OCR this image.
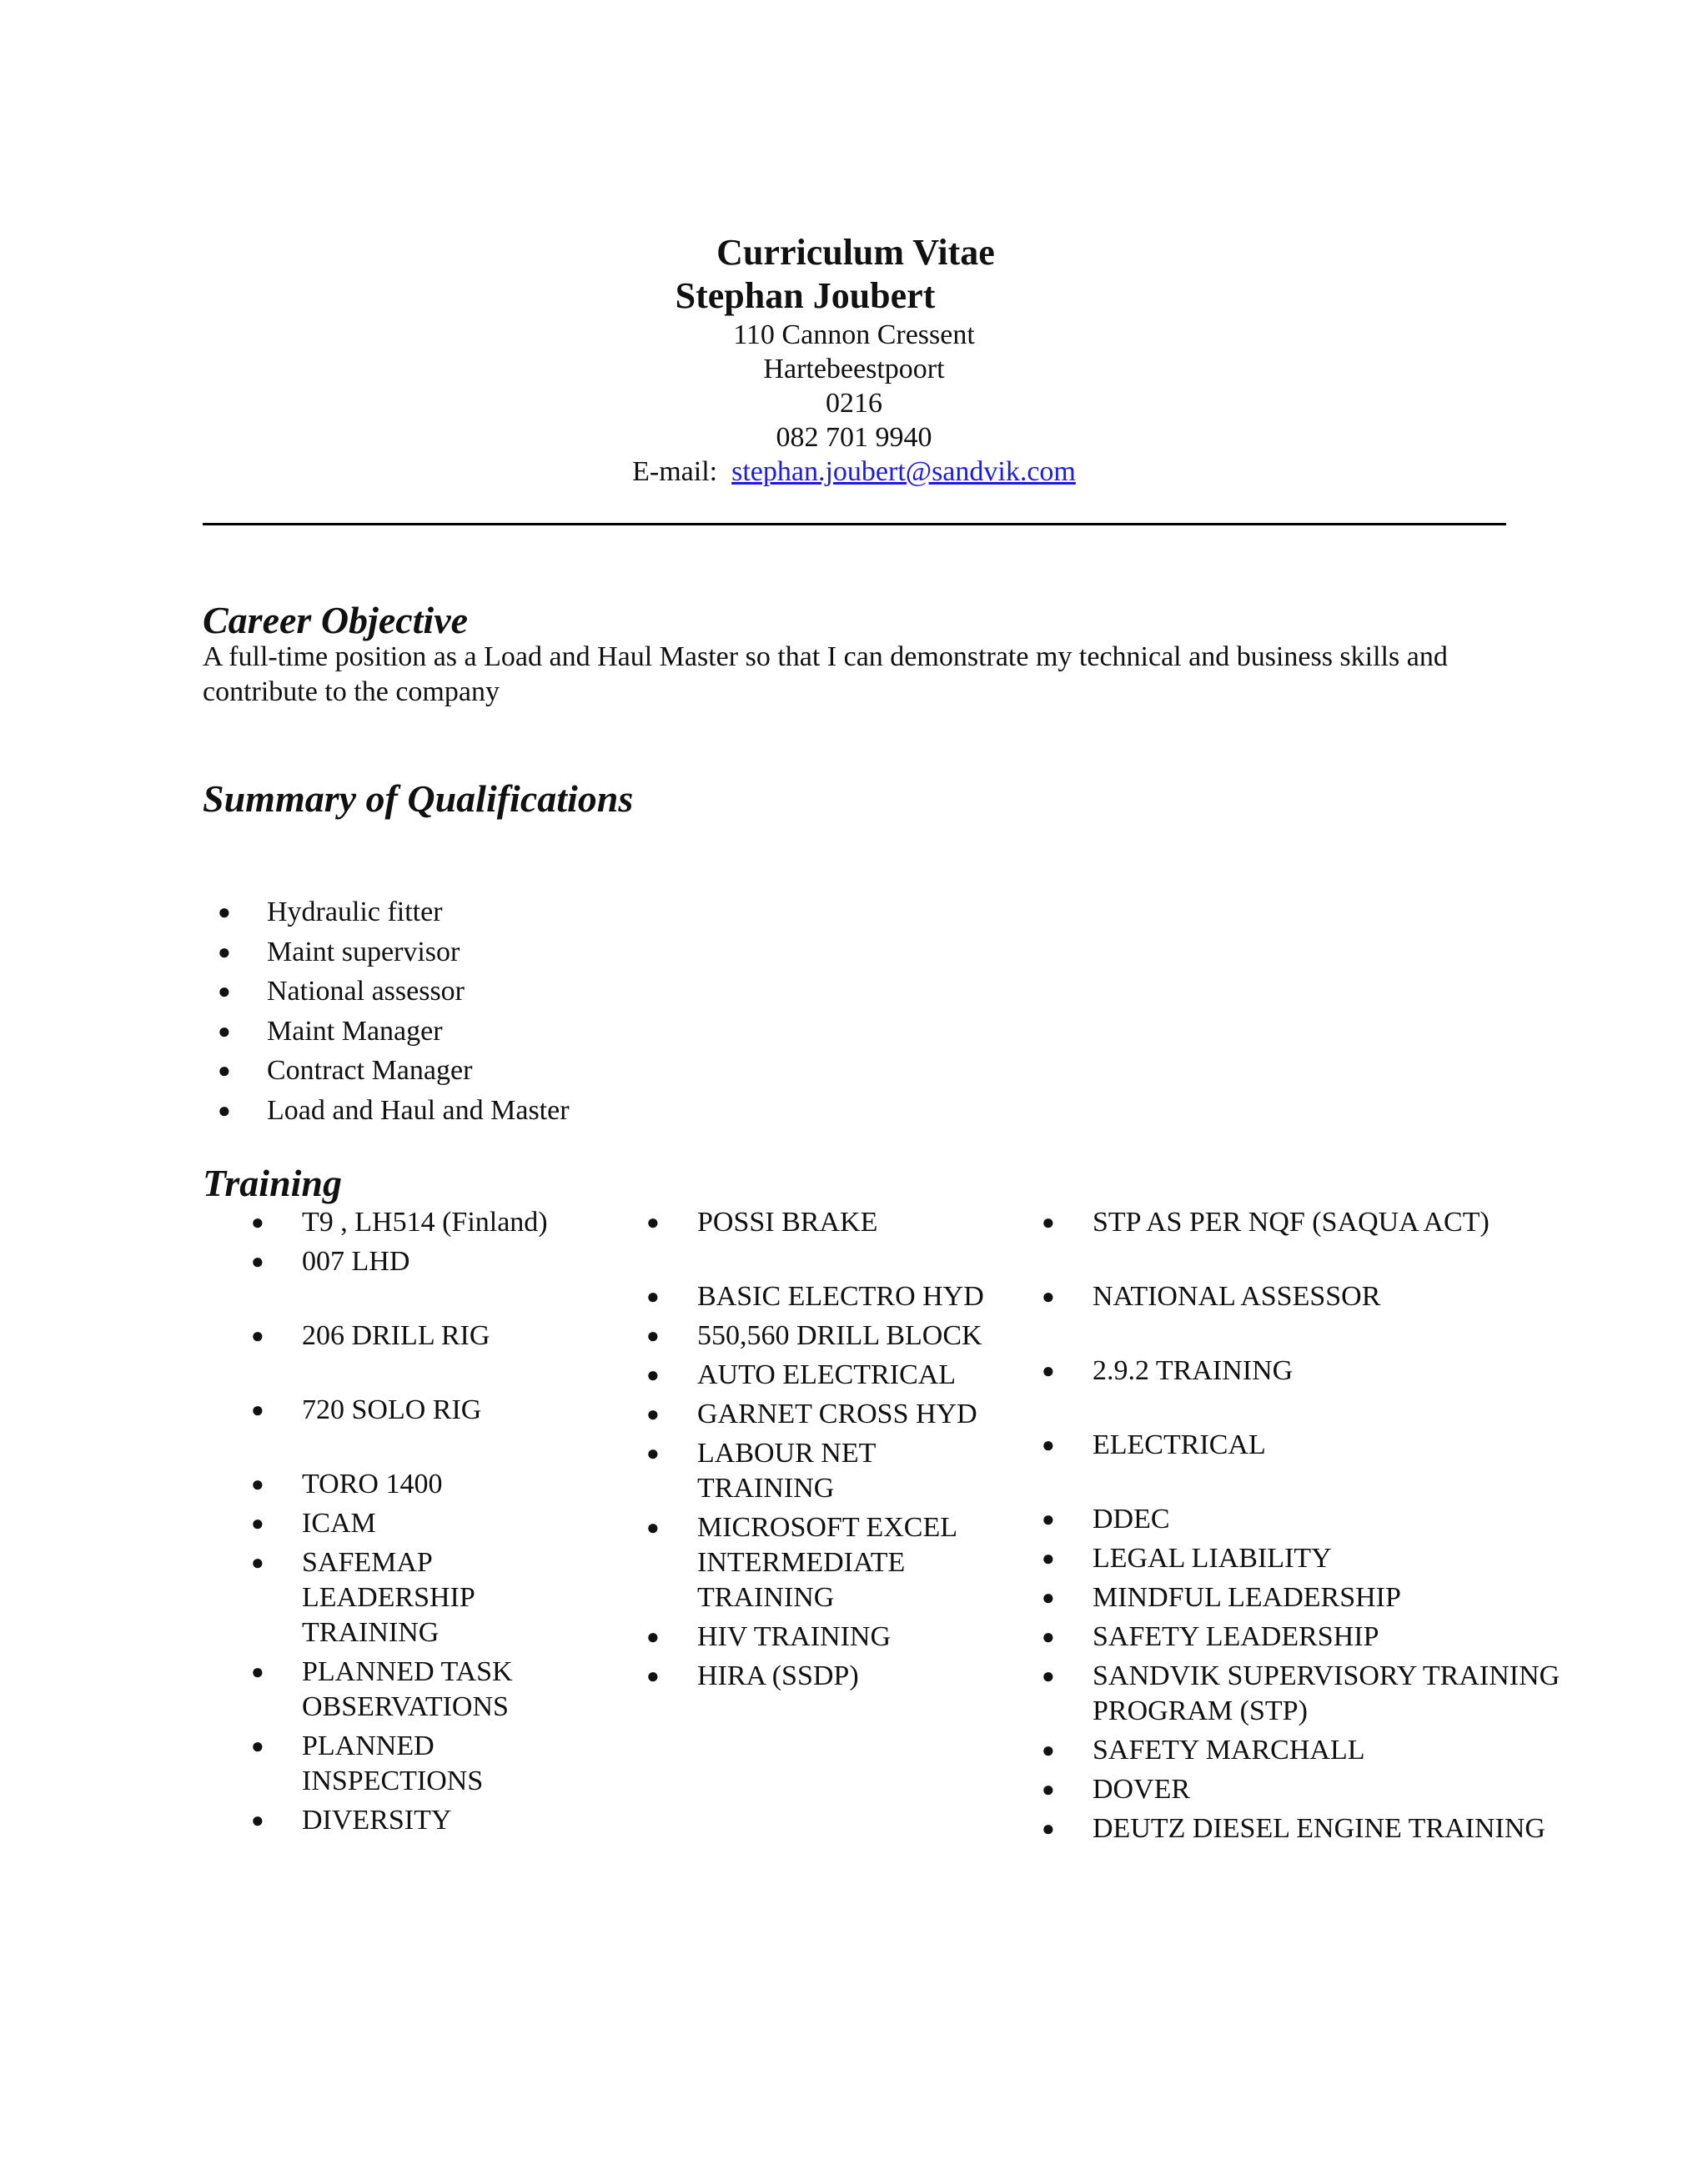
Curriculum Vitae
Stephan Joubert
110 Cannon Cressent
Hartebeestpoort
0216
082 701 9940
E-mail: stephan.joubert@sandvik.com
Career Objective
A full-time position as a Load and Haul Master so that I can demonstrate my technical and business skills and contribute to the company
Summary of Qualifications
● Hydraulic fitter
● Maint supervisor
● National assessor
● Maint Manager
● Contract Manager
● Load and Haul and Master
Training
● T9 , LH514 (Finland)
● 007 LHD
● 206 DRILL RIG
● 720 SOLO RIG
● TORO 1400
● ICAM
● SAFEMAP LEADERSHIP TRAINING
● PLANNED TASK OBSERVATIONS
● PLANNED INSPECTIONS
● DIVERSITY
● POSSI BRAKE
● BASIC ELECTRO HYD
● 550,560 DRILL BLOCK
● AUTO ELECTRICAL
● GARNET CROSS HYD
● LABOUR NET TRAINING
● MICROSOFT EXCEL INTERMEDIATE TRAINING
● HIV TRAINING
● HIRA (SSDP)
● STP AS PER NQF (SAQUA ACT)
● NATIONAL ASSESSOR
● 2.9.2 TRAINING
● ELECTRICAL
● DDEC
● LEGAL LIABILITY
● MINDFUL LEADERSHIP
● SAFETY LEADERSHIP
● SANDVIK SUPERVISORY TRAINING PROGRAM (STP)
● SAFETY MARCHALL
● DOVER
● DEUTZ DIESEL ENGINE TRAINING
